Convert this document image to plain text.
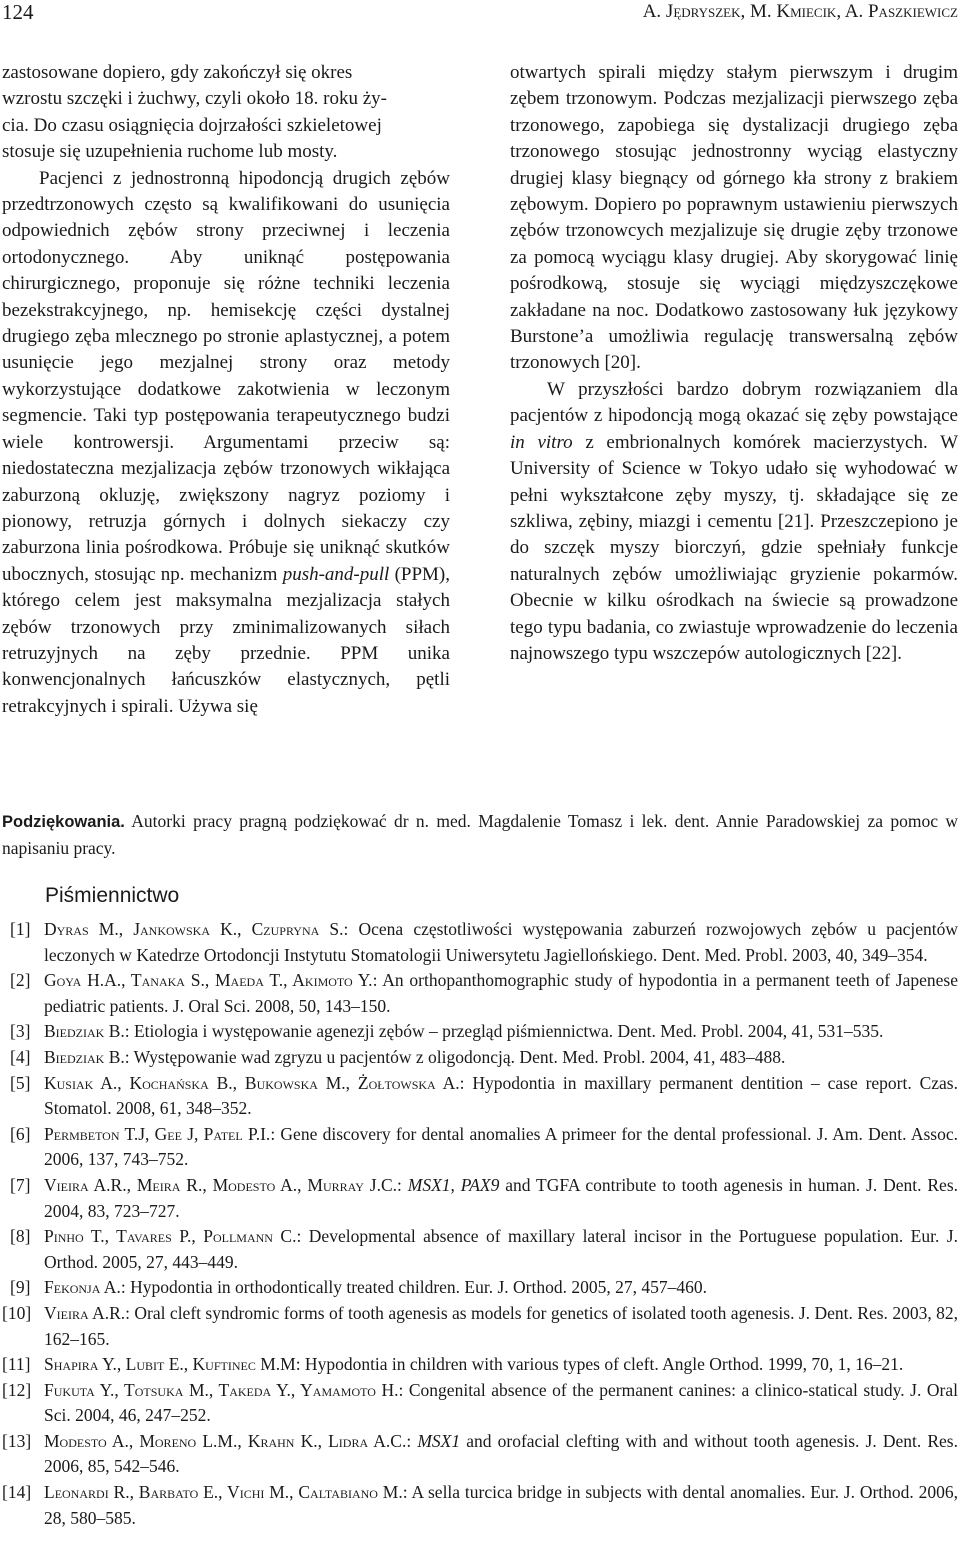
124	A. Jędryszek, M. Kmiecik, A. Paszkiewicz

zastosowane dopiero, gdy zakończył się okres
wzrostu szczęki i żuchwy, czyli około 18. roku ży-
cia. Do czasu osiągnięcia dojrzałości szkieletowej
stosuje się uzupełnienia ruchome lub mosty.

Pacjenci z jednostronną hipodoncją drugich zębów przedtrzonowych często są kwalifikowani do usunięcia odpowiednich zębów strony przeciwnej i leczenia ortodonycznego. Aby uniknąć postępowania chirurgicznego, proponuje się różne techniki leczenia bezekstrakcyjnego, np. hemisekcję części dystalnej drugiego zęba mlecznego po stronie aplastycznej, a potem usunięcie jego mezjalnej strony oraz metody wykorzystujące dodatkowe zakotwienia w leczonym segmencie. Taki typ postępowania terapeutycznego budzi wiele kontrowersji. Argumentami przeciw są: niedostateczna mezjalizacja zębów trzonowych wikłająca zaburzoną okluzję, zwiększony nagryz poziomy i pionowy, retruzja górnych i dolnych siekaczy czy zaburzona linia pośrodkowa. Próbuje się uniknąć skutków ubocznych, stosując np. mechanizm push-and-pull (PPM), którego celem jest maksymalna mezjalizacja stałych zębów trzonowych przy zminimalizowanych siłach retruzyjnych na zęby przednie. PPM unika konwencjonalnych łańcuszków elastycznych, pętli retrakcyjnych i spirali. Używa się

otwartych spirali między stałym pierwszym i drugim zębem trzonowym. Podczas mezjalizacji pierwszego zęba trzonowego, zapobiega się dystalizacji drugiego zęba trzonowego stosując jednostronny wyciąg elastyczny drugiej klasy biegnący od górnego kła strony z brakiem zębowym. Dopiero po poprawnym ustawieniu pierwszych zębów trzonowcych mezjalizuje się drugie zęby trzonowe za pomocą wyciągu klasy drugiej. Aby skorygować linię pośrodkową, stosuje się wyciągi międzyszczękowe zakładane na noc. Dodatkowo zastosowany łuk językowy Burstone’a umożliwia regulację transwersalną zębów trzonowych [20].

W przyszłości bardzo dobrym rozwiązaniem dla pacjentów z hipodoncją mogą okazać się zęby powstające in vitro z embrionalnych komórek macierzystych. W University of Science w Tokyo udało się wyhodować w pełni wykształcone zęby myszy, tj. składające się ze szkliwa, zębiny, miazgi i cementu [21]. Przeszczepiono je do szczęk myszy biorczyń, gdzie spełniały funkcje naturalnych zębów umożliwiając gryzienie pokarmów. Obecnie w kilku ośrodkach na świecie są prowadzone tego typu badania, co zwiastuje wprowadzenie do leczenia najnowszego typu wszczepów autologicznych [22].

Podziękowania. Autorki pracy pragną podziękować dr n. med. Magdalenie Tomasz i lek. dent. Annie Paradowskiej za pomoc w napisaniu pracy.

Piśmiennictwo
[1] Dyras M., Jankowska K., Czupryna S.: Ocena częstotliwości występowania zaburzeń rozwojowych zębów u pacjentów leczonych w Katedrze Ortodoncji Instytutu Stomatologii Uniwersytetu Jagiellońskiego. Dent. Med. Probl. 2003, 40, 349–354.
[2] Goya H.A., Tanaka S., Maeda T., Akimoto Y.: An orthopanthomographic study of hypodontia in a permanent teeth of Japenese pediatric patients. J. Oral Sci. 2008, 50, 143–150.
[3] Biedziak B.: Etiologia i występowanie agenezji zębów – przegląd piśmiennictwa. Dent. Med. Probl. 2004, 41, 531–535.
[4] Biedziak B.: Występowanie wad zgryzu u pacjentów z oligodoncją. Dent. Med. Probl. 2004, 41, 483–488.
[5] Kusiak A., Kochańska B., Bukowska M., Żołtowska A.: Hypodontia in maxillary permanent dentition – case report. Czas. Stomatol. 2008, 61, 348–352.
[6] Permbeton T.J, Gee J, Patel P.I.: Gene discovery for dental anomalies A primeer for the dental professional. J. Am. Dent. Assoc. 2006, 137, 743–752.
[7] Vieira A.R., Meira R., Modesto A., Murray J.C.: MSX1, PAX9 and TGFA contribute to tooth agenesis in human. J. Dent. Res. 2004, 83, 723–727.
[8] Pinho T., Tavares P., Pollmann C.: Developmental absence of maxillary lateral incisor in the Portuguese population. Eur. J. Orthod. 2005, 27, 443–449.
[9] Fekonja A.: Hypodontia in orthodontically treated children. Eur. J. Orthod. 2005, 27, 457–460.
[10] Vieira A.R.: Oral cleft syndromic forms of tooth agenesis as models for genetics of isolated tooth agenesis. J. Dent. Res. 2003, 82, 162–165.
[11] Shapira Y., Lubit E., Kuftinec M.M: Hypodontia in children with various types of cleft. Angle Orthod. 1999, 70, 1, 16–21.
[12] Fukuta Y., Totsuka M., Takeda Y., Yamamoto H.: Congenital absence of the permanent canines: a clinico-statical study. J. Oral Sci. 2004, 46, 247–252.
[13] Modesto A., Moreno L.M., Krahn K., Lidra A.C.: MSX1 and orofacial clefting with and without tooth agenesis. J. Dent. Res. 2006, 85, 542–546.
[14] Leonardi R., Barbato E., Vichi M., Caltabiano M.: A sella turcica bridge in subjects with dental anomalies. Eur. J. Orthod. 2006, 28, 580–585.
